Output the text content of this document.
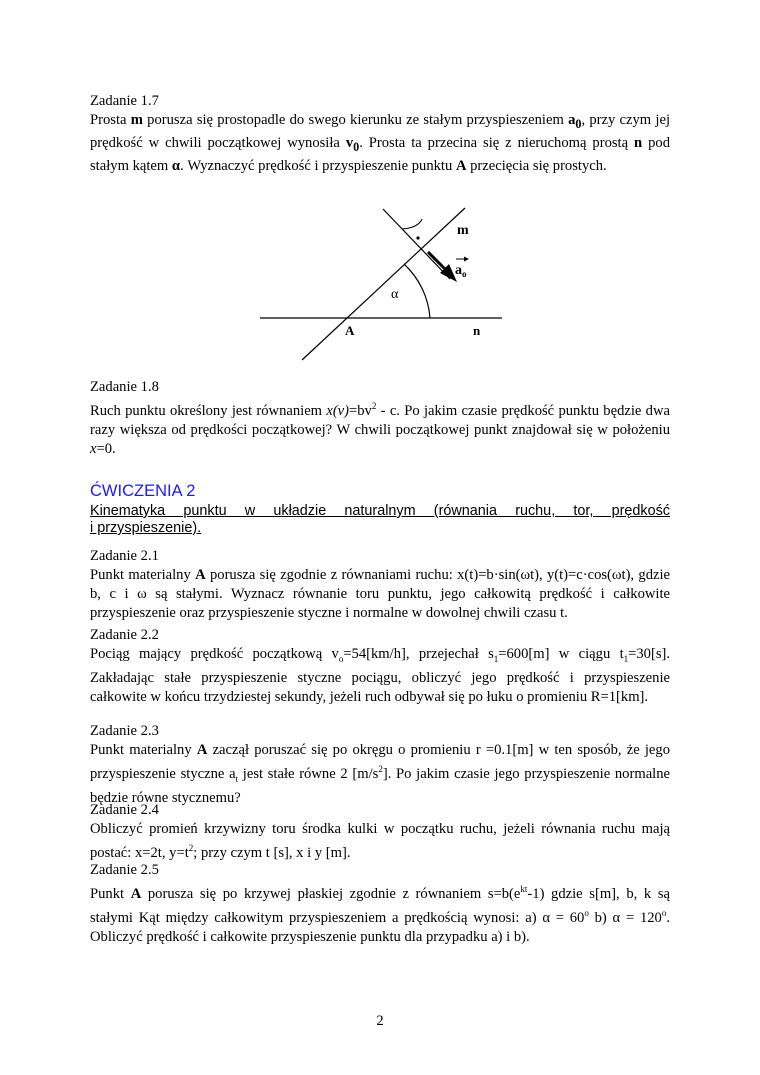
Zadanie 1.7

Prosta m porusza się prostopadle do swego kierunku ze stałym przyspieszeniem $a_0$, przy czym jej prędkość w chwili początkowej wynosiła $v_0$. Prosta ta przecina się z nieruchomą prostą n pod stałym kątem α. Wyznaczyć prędkość i przyspieszenie punktu A przecięcia się prostych.

m
$a_o$
α
A	n
Zadanie 1.8

Ruch punktu określony jest równaniem $x(v)=bv^2 - c$. Po jakim czasie prędkość punktu będzie dwa razy większa od prędkości początkowej? W chwili początkowej punkt znajdował się w położeniu x=0.

ĆWICZENIA 2
Kinematyka punktu w układzie naturalnym (równania ruchu, tor, prędkość
i przyspieszenie).
Zadanie 2.1

Punkt materialny A porusza się zgodnie z równaniami ruchu: x(t)=b·sin(ωt), y(t)=c·cos(ωt), gdzie b, c i ω są stałymi. Wyznacz równanie toru punktu, jego całkowitą prędkość i całkowite przyspieszenie oraz przyspieszenie styczne i normalne w dowolnej chwili czasu t.

Zadanie 2.2

Pociąg mający prędkość początkową $v_o=54[km/h]$, przejechał $s_1=600[m]$ w ciągu $t_1=30[s]$. Zakładając stałe przyspieszenie styczne pociągu, obliczyć jego prędkość i przyspieszenie całkowite w końcu trzydziestej sekundy, jeżeli ruch odbywał się po łuku o promieniu R=1[km].

Zadanie 2.3

Punkt materialny A zaczął poruszać się po okręgu o promieniu r =0.1[m] w ten sposób, że jego przyspieszenie styczne $a_t$ jest stałe równe 2 $[m/s^2]$. Po jakim czasie jego przyspieszenie normalne będzie równe stycznemu?

Zadanie 2.4

Obliczyć promień krzywizny toru środka kulki w początku ruchu, jeżeli równania ruchu mają postać: x=2t, $y=t^2$; przy czym t [s], x i y [m].

Zadanie 2.5

Punkt A porusza się po krzywej płaskiej zgodnie z równaniem $s=b(e^{kt}-1)$ gdzie s[m], b, k są stałymi Kąt między całkowitym przyspieszeniem a prędkością wynosi: a) $\alpha = 60^o$ b) $\alpha = 120^o$. Obliczyć prędkość i całkowite przyspieszenie punktu dla przypadku a) i b).

2
